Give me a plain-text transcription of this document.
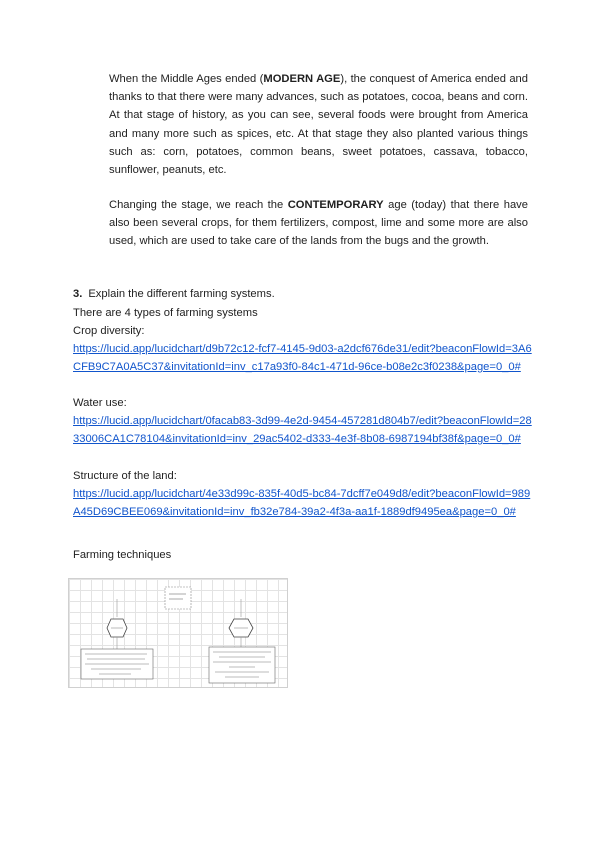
When the Middle Ages ended (MODERN AGE), the conquest of America ended and thanks to that there were many advances, such as potatoes, cocoa, beans and corn. At that stage of history, as you can see, several foods were brought from America and many more such as spices, etc. At that stage they also planted various things such as: corn, potatoes, common beans, sweet potatoes, cassava, tobacco, sunflower, peanuts, etc.

Changing the stage, we reach the CONTEMPORARY age (today) that there have also been several crops, for them fertilizers, compost, lime and some more are also used, which are used to take care of the lands from the bugs and the growth.

3. Explain the different farming systems.

There are 4 types of farming systems

Crop diversity:

https://lucid.app/lucidchart/d9b72c12-fcf7-4145-9d03-a2dcf676de31/edit?beaconFlowId=3A6CFB9C7A0A5C37&invitationId=inv_c17a93f0-84c1-471d-96ce-b08e2c3f0238&page=0_0#

Water use:

https://lucid.app/lucidchart/0facab83-3d99-4e2d-9454-457281d804b7/edit?beaconFlowId=2833006CA1C78104&invitationId=inv_29ac5402-d333-4e3f-8b08-6987194bf38f&page=0_0#

Structure of the land:

https://lucid.app/lucidchart/4e33d99c-835f-40d5-bc84-7dcff7e049d8/edit?beaconFlowId=989A45D69CBEE069&invitationId=inv_fb32e784-39a2-4f3a-aa1f-1889df9495ea&page=0_0#

Farming techniques
